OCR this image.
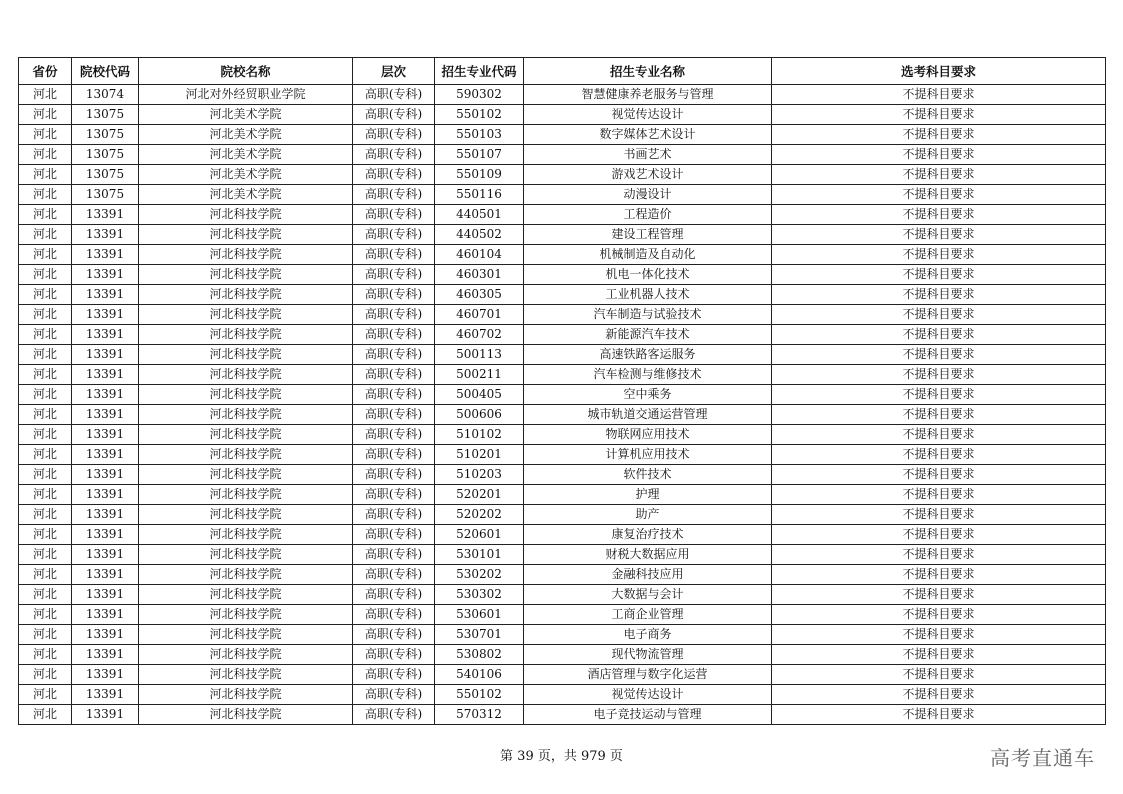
省份	院校代码	院校名称	层次	招生专业代码	招生专业名称	选考科目要求
河北	13074	河北对外经贸职业学院	高职(专科)	590302	智慧健康养老服务与管理	不提科目要求
河北	13075	河北美术学院	高职(专科)	550102	视觉传达设计	不提科目要求
河北	13075	河北美术学院	高职(专科)	550103	数字媒体艺术设计	不提科目要求
河北	13075	河北美术学院	高职(专科)	550107	书画艺术	不提科目要求
河北	13075	河北美术学院	高职(专科)	550109	游戏艺术设计	不提科目要求
河北	13075	河北美术学院	高职(专科)	550116	动漫设计	不提科目要求
河北	13391	河北科技学院	高职(专科)	440501	工程造价	不提科目要求
河北	13391	河北科技学院	高职(专科)	440502	建设工程管理	不提科目要求
河北	13391	河北科技学院	高职(专科)	460104	机械制造及自动化	不提科目要求
河北	13391	河北科技学院	高职(专科)	460301	机电一体化技术	不提科目要求
河北	13391	河北科技学院	高职(专科)	460305	工业机器人技术	不提科目要求
河北	13391	河北科技学院	高职(专科)	460701	汽车制造与试验技术	不提科目要求
河北	13391	河北科技学院	高职(专科)	460702	新能源汽车技术	不提科目要求
河北	13391	河北科技学院	高职(专科)	500113	高速铁路客运服务	不提科目要求
河北	13391	河北科技学院	高职(专科)	500211	汽车检测与维修技术	不提科目要求
河北	13391	河北科技学院	高职(专科)	500405	空中乘务	不提科目要求
河北	13391	河北科技学院	高职(专科)	500606	城市轨道交通运营管理	不提科目要求
河北	13391	河北科技学院	高职(专科)	510102	物联网应用技术	不提科目要求
河北	13391	河北科技学院	高职(专科)	510201	计算机应用技术	不提科目要求
河北	13391	河北科技学院	高职(专科)	510203	软件技术	不提科目要求
河北	13391	河北科技学院	高职(专科)	520201	护理	不提科目要求
河北	13391	河北科技学院	高职(专科)	520202	助产	不提科目要求
河北	13391	河北科技学院	高职(专科)	520601	康复治疗技术	不提科目要求
河北	13391	河北科技学院	高职(专科)	530101	财税大数据应用	不提科目要求
河北	13391	河北科技学院	高职(专科)	530202	金融科技应用	不提科目要求
河北	13391	河北科技学院	高职(专科)	530302	大数据与会计	不提科目要求
河北	13391	河北科技学院	高职(专科)	530601	工商企业管理	不提科目要求
河北	13391	河北科技学院	高职(专科)	530701	电子商务	不提科目要求
河北	13391	河北科技学院	高职(专科)	530802	现代物流管理	不提科目要求
河北	13391	河北科技学院	高职(专科)	540106	酒店管理与数字化运营	不提科目要求
河北	13391	河北科技学院	高职(专科)	550102	视觉传达设计	不提科目要求
河北	13391	河北科技学院	高职(专科)	570312	电子竞技运动与管理	不提科目要求
第 39 页，共 979 页	高考直通车
